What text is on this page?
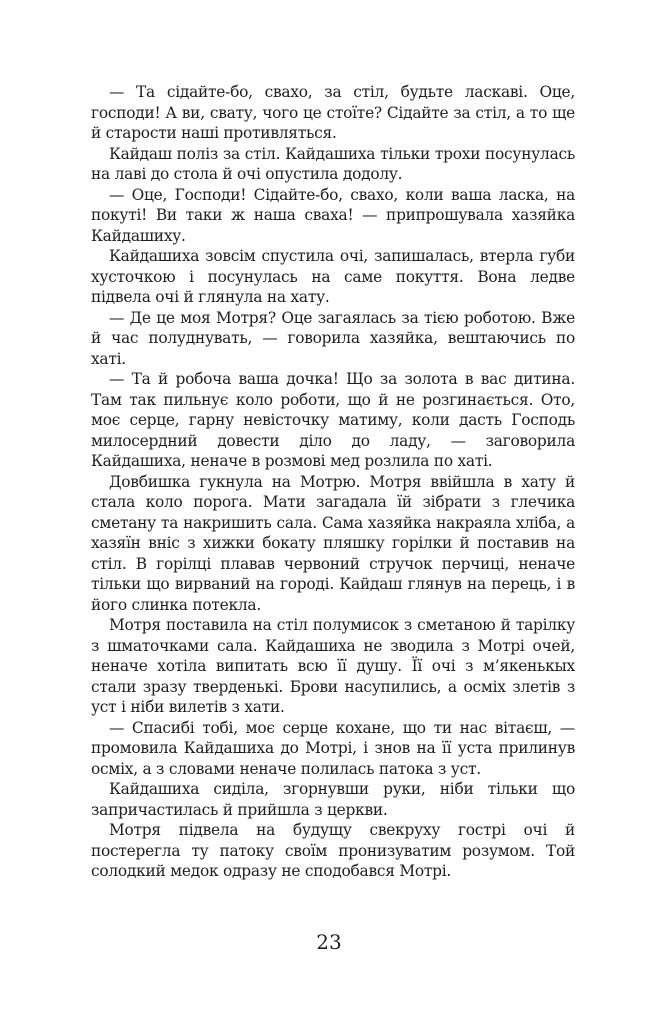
— Та сідайте-бо, свахо, за стіл, будьте ласкаві. Оце, господи! А ви, свату, чого це стоїте? Сідайте за стіл, а то ще й старости наші противляться.

Кайдаш поліз за стіл. Кайдашиха тільки трохи посунулась на лаві до стола й очі опустила додолу.

— Оце, Господи! Сідайте-бо, свахо, коли ваша ласка, на покуті! Ви таки ж наша сваха! — припрошувала хазяйка Кайдашиху.

Кайдашиха зовсім спустила очі, запишалась, втерла губи хусточкою і посунулась на саме покуття. Вона ледве підвела очі й глянула на хату.

— Де це моя Мотря? Оце загаялась за тією роботою. Вже й час полуднувать, — говорила хазяйка, вештаючись по хаті.

— Та й робоча ваша дочка! Що за золота в вас дитина. Там так пильнує коло роботи, що й не розгинається. Ото, моє серце, гарну невісточку матиму, коли дасть Господь милосердний довести діло до ладу, — заговорила Кайдашиха, неначе в розмові мед розлила по хаті.

Довбишка гукнула на Мотрю. Мотря ввійшла в хату й стала коло порога. Мати загадала їй зібрати з глечика сметану та накришить сала. Сама хазяйка накраяла хліба, а хазяїн вніс з хижки бокату пляшку горілки й поставив на стіл. В горілці плавав червоний стручок перчиці, неначе тільки що вирваний на городі. Кайдаш глянув на перець, і в його слинка потекла.

Мотря поставила на стіл полумисок з сметаною й тарілку з шматочками сала. Кайдашиха не зводила з Мотрі очей, неначе хотіла випитать всю її душу. Її очі з м’якенькых стали зразу тверденькі. Брови насупились, а осміх злетів з уст і ніби вилетів з хати.

— Спасибі тобі, моє серце кохане, що ти нас вітаєш, — промовила Кайдашиха до Мотрі, і знов на її уста прилинув осміх, а з словами неначе полилась патока з уст.

Кайдашиха сиділа, згорнувши руки, ніби тільки що запричастилась й прийшла з церкви.

Мотря підвела на будущу свекруху гострі очі й постерегла ту патоку своїм пронизуватим розумом. Той солодкий медок одразу не сподобався Мотрі.

23
